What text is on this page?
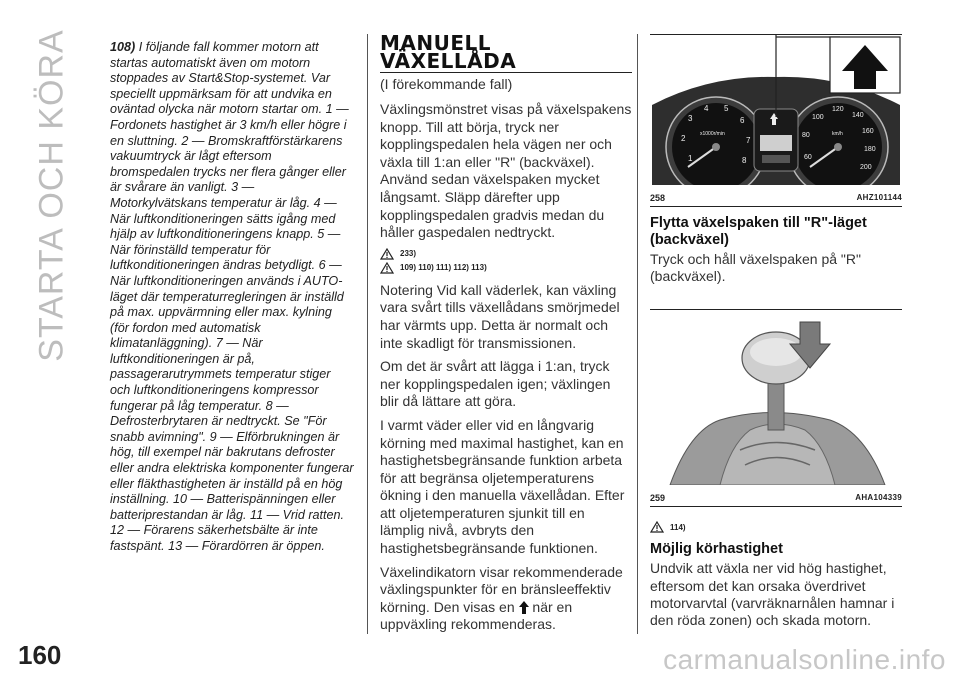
STARTA OCH KÖRA	108) I följande fall kommer motorn att startas automatiskt även om motorn stoppades av Start&Stop-systemet. Var speciellt uppmärksam för att undvika en oväntad olycka när motorn startar om. 1 — Fordonets hastighet är 3 km/h eller högre i en sluttning. 2 — Bromskraftförstärkarens vakuumtryck är lågt eftersom bromspedalen trycks ner flera gånger eller är svårare än vanligt. 3 — Motorkylvätskans temperatur är låg. 4 — När luftkonditioneringen sätts igång med hjälp av luftkonditioneringens knapp. 5 — När förinställd temperatur för luftkonditioneringen ändras betydligt. 6 — När luftkonditioneringen används i AUTO-läget där temperaturregleringen är inställd på max. uppvärmning eller max. kylning (för fordon med automatisk klimatanläggning). 7 — När luftkonditioneringen är på, passagerarutrymmets temperatur stiger och luftkonditioneringens kompressor fungerar på låg temperatur. 8 — Defrosterbrytaren är nedtryckt. Se "För snabb avimning". 9 — Elförbrukningen är hög, till exempel när bakrutans defroster eller andra elektriska komponenter fungerar eller fläkthastigheten är inställd på en hög inställning. 10 — Batterispänningen eller batteriprestandan är låg. 11 — Vrid ratten. 12 — Förarens säkerhetsbälte är inte fastspänt. 13 — Förardörren är öppen.
MANUELL
VÄXELLÅDA
(I förekommande fall)

Växlingsmönstret visas på växelspakens knopp. Till att börja, tryck ner kopplingspedalen hela vägen ner och växla till 1:an eller "R" (backväxel). Använd sedan växelspaken mycket långsamt. Släpp därefter upp kopplingspedalen gradvis medan du håller gaspedalen nedtryckt.

233)
109) 110) 111) 112) 113)

Notering Vid kall väderlek, kan växling vara svårt tills växellådans smörjmedel har värmts upp. Detta är normalt och inte skadligt för transmissionen.

Om det är svårt att lägga i 1:an, tryck ner kopplingspedalen igen; växlingen blir då lättare att göra.

I varmt väder eller vid en långvarig körning med maximal hastighet, kan en hastighetsbegränsande funktion arbeta för att begränsa oljetemperaturens ökning i den manuella växellådan. Efter att oljetemperaturen sjunkit till en lämplig nivå, avbryts den hastighetsbegränsande funktionen.

Växelindikatorn visar rekommenderade växlingspunkter för en bränsleeffektiv körning. Den visas en  när en uppväxling rekommenderas.

1
2
3
4 5
6
7
8
x1000r/min
60
80
100
120
140
160
180
200
km/h
258	AHZ101144
Flytta växelspaken till "R"-läget (backväxel)

Tryck och håll växelspaken på "R" (backväxel).

259	AHA104339
114)
Möjlig körhastighet

Undvik att växla ner vid hög hastighet, eftersom det kan orsaka överdrivet motorvarvtal (varvräknarnålen hamnar i den röda zonen) och skada motorn.

160	carmanualsonline.info
